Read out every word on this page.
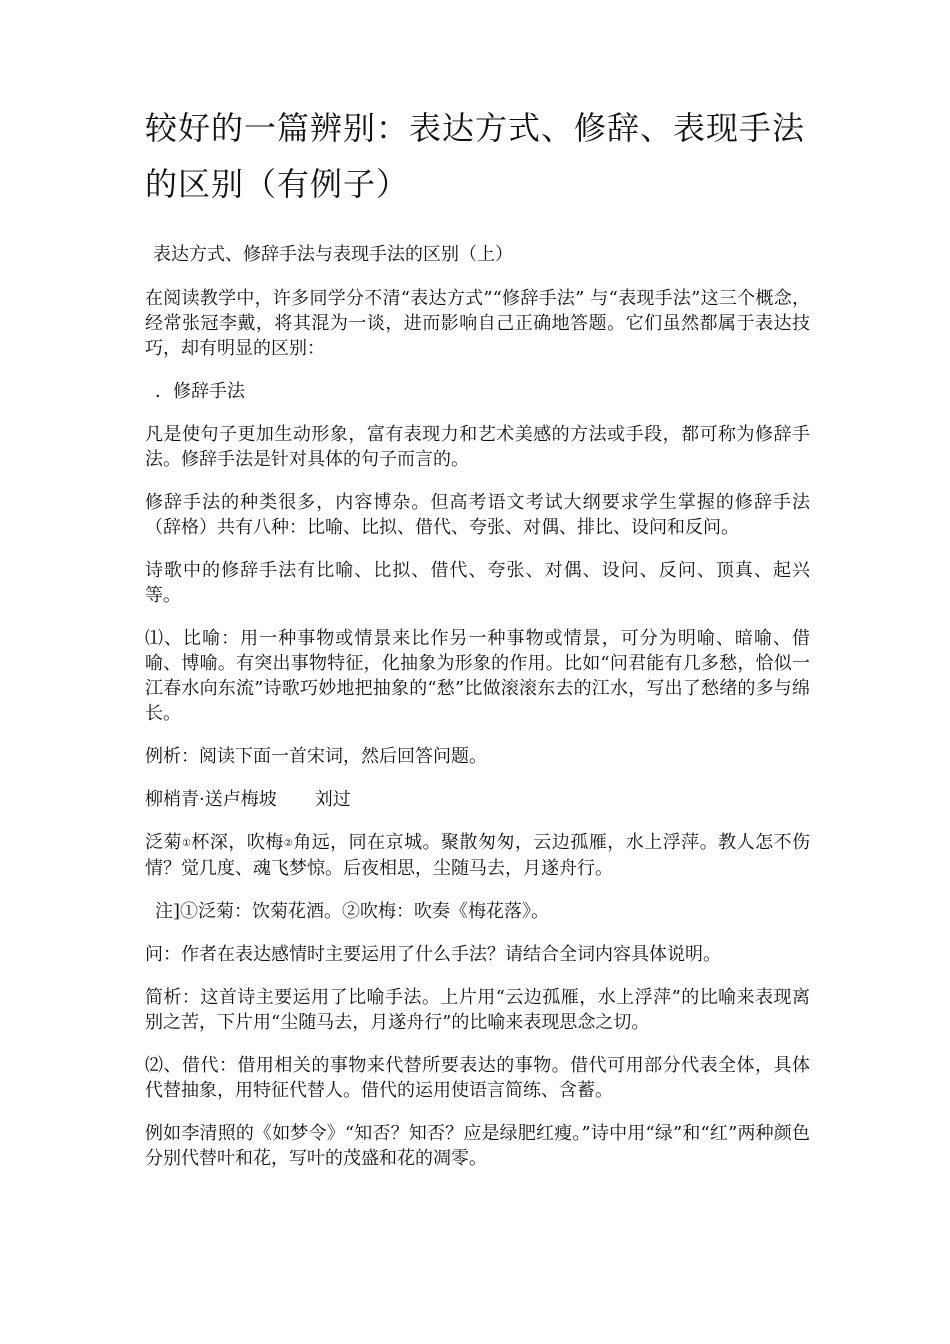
较好的一篇辨别：表达方式、修辞、表现手法的区别（有例子）
表达方式、修辞手法与表现手法的区别（上）

在阅读教学中，许多同学分不清“表达方式”“修辞手法” 与“表现手法”这三个概念，经常张冠李戴，将其混为一谈，进而影响自己正确地答题。它们虽然都属于表达技巧，却有明显的区别：

．修辞手法

凡是使句子更加生动形象，富有表现力和艺术美感的方法或手段，都可称为修辞手法。修辞手法是针对具体的句子而言的。

修辞手法的种类很多，内容博杂。但高考语文考试大纲要求学生掌握的修辞手法（辞格）共有八种：比喻、比拟、借代、夸张、对偶、排比、设问和反问。

诗歌中的修辞手法有比喻、比拟、借代、夸张、对偶、设问、反问、顶真、起兴等。

⑴、比喻：用一种事物或情景来比作另一种事物或情景，可分为明喻、暗喻、借喻、博喻。有突出事物特征，化抽象为形象的作用。比如“问君能有几多愁，恰似一江春水向东流”诗歌巧妙地把抽象的“愁”比做滚滚东去的江水，写出了愁绪的多与绵长。

例析：阅读下面一首宋词，然后回答问题。

柳梢青·送卢梅坡 刘过

泛菊①杯深，吹梅②角远，同在京城。聚散匆匆，云边孤雁，水上浮萍。教人怎不伤情？觉几度、魂飞梦惊。后夜相思，尘随马去，月遂舟行。

注]①泛菊：饮菊花酒。②吹梅：吹奏《梅花落》。

问：作者在表达感情时主要运用了什么手法？请结合全词内容具体说明。

简析：这首诗主要运用了比喻手法。上片用“云边孤雁，水上浮萍”的比喻来表现离别之苦，下片用“尘随马去，月遂舟行”的比喻来表现思念之切。

⑵、借代：借用相关的事物来代替所要表达的事物。借代可用部分代表全体，具体代替抽象，用特征代替人。借代的运用使语言简练、含蓄。

例如李清照的《如梦令》“知否？知否？应是绿肥红瘦。”诗中用“绿”和“红”两种颜色分别代替叶和花，写叶的茂盛和花的凋零。
